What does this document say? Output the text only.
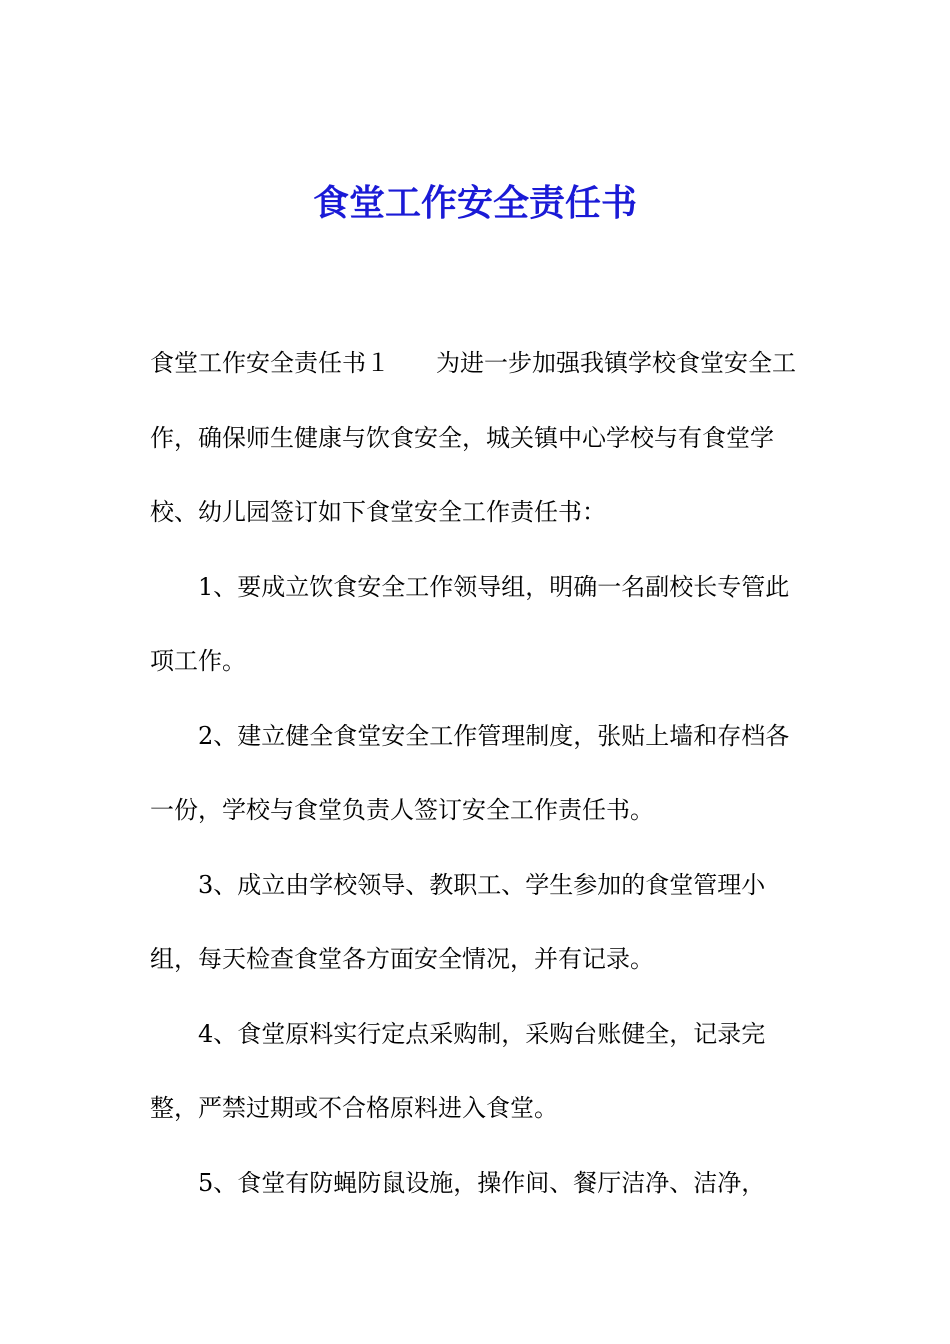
食堂工作安全责任书

食堂工作安全责任书１ 为进一步加强我镇学校食堂安全工作，确保师生健康与饮食安全，城关镇中心学校与有食堂学校、幼儿园签订如下食堂安全工作责任书：

1、要成立饮食安全工作领导组，明确一名副校长专管此项工作。

2、建立健全食堂安全工作管理制度，张贴上墙和存档各一份，学校与食堂负责人签订安全工作责任书。

3、成立由学校领导、教职工、学生参加的食堂管理小组，每天检查食堂各方面安全情况，并有记录。

4、食堂原料实行定点采购制，采购台账健全，记录完整，严禁过期或不合格原料进入食堂。

5、食堂有防蝇防鼠设施，操作间、餐厅洁净、洁净，
